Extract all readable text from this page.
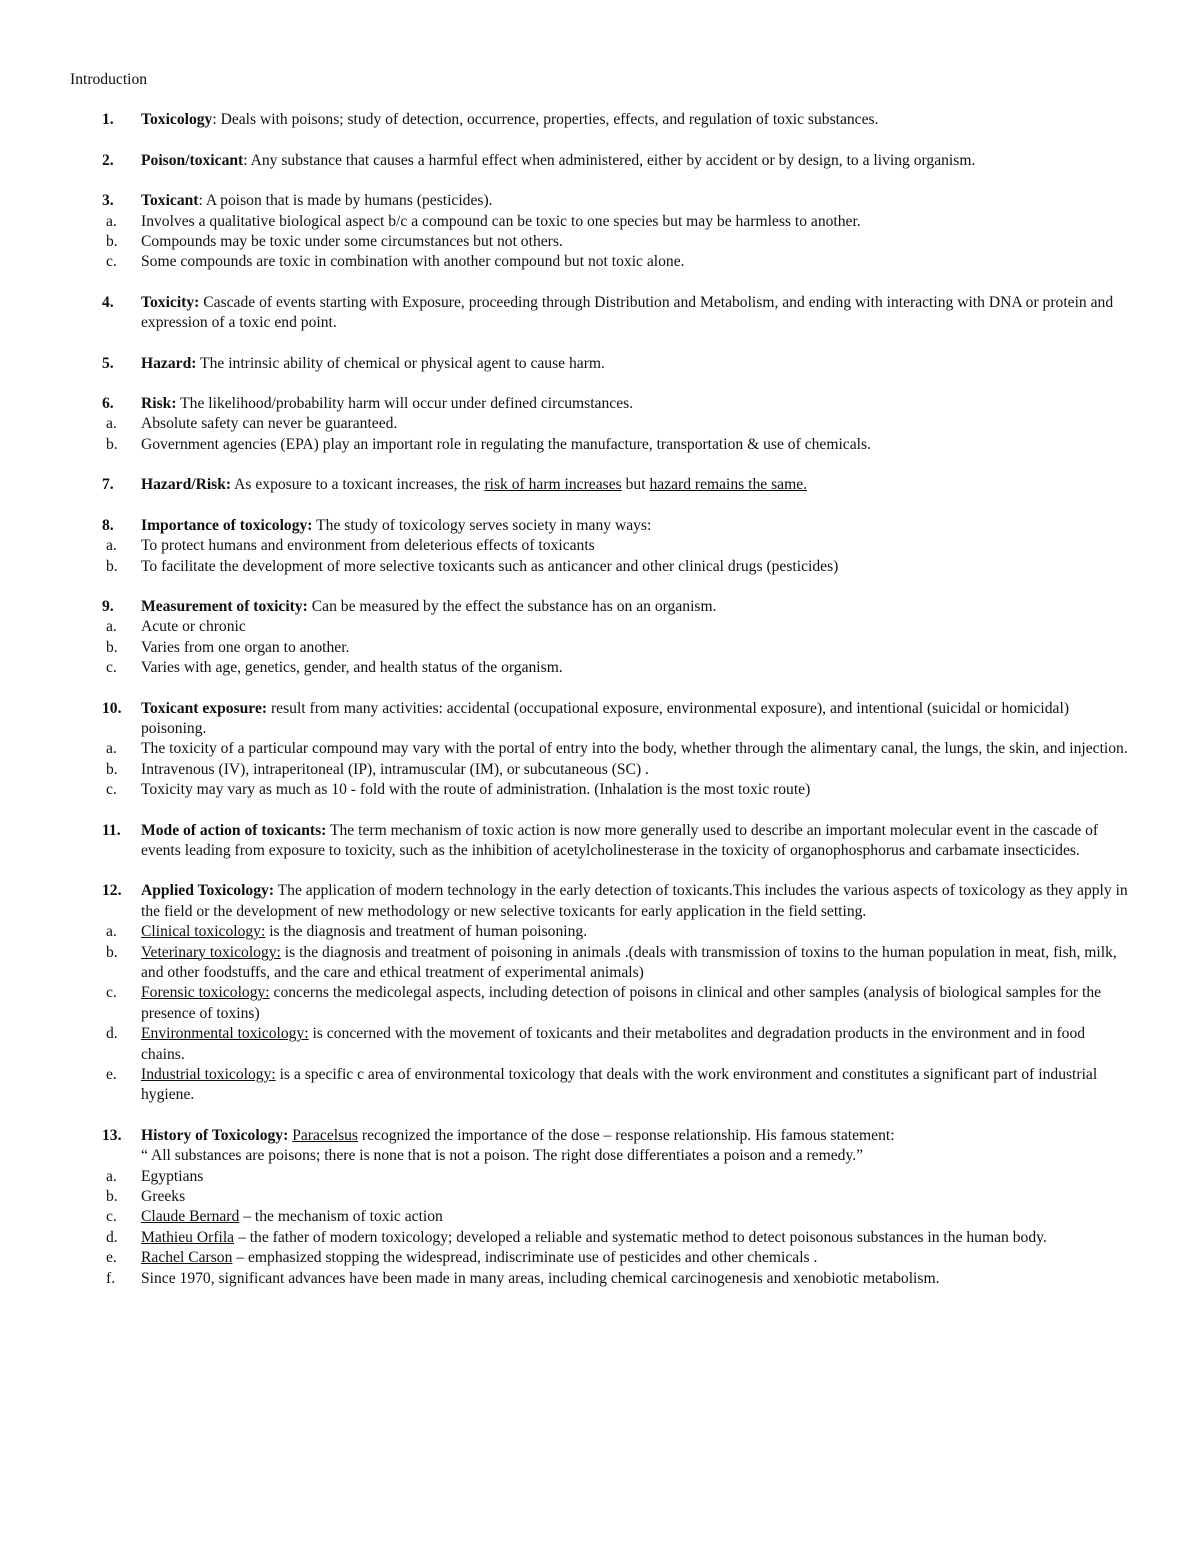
Introduction
1. Toxicology: Deals with poisons; study of detection, occurrence, properties, effects, and regulation of toxic substances.
2. Poison/toxicant: Any substance that causes a harmful effect when administered, either by accident or by design, to a living organism.
3. Toxicant: A poison that is made by humans (pesticides).
a. Involves a qualitative biological aspect b/c a compound can be toxic to one species but may be harmless to another.
b. Compounds may be toxic under some circumstances but not others.
c. Some compounds are toxic in combination with another compound but not toxic alone.
4. Toxicity: Cascade of events starting with Exposure, proceeding through Distribution and Metabolism, and ending with interacting with DNA or protein and expression of a toxic end point.
5. Hazard: The intrinsic ability of chemical or physical agent to cause harm.
6. Risk: The likelihood/probability harm will occur under defined circumstances.
a. Absolute safety can never be guaranteed.
b. Government agencies (EPA) play an important role in regulating the manufacture, transportation & use of chemicals.
7. Hazard/Risk: As exposure to a toxicant increases, the risk of harm increases but hazard remains the same.
8. Importance of toxicology: The study of toxicology serves society in many ways:
a. To protect humans and environment from deleterious effects of toxicants
b. To facilitate the development of more selective toxicants such as anticancer and other clinical drugs (pesticides)
9. Measurement of toxicity: Can be measured by the effect the substance has on an organism.
a. Acute or chronic
b. Varies from one organ to another.
c. Varies with age, genetics, gender, and health status of the organism.
10. Toxicant exposure: result from many activities: accidental (occupational exposure, environmental exposure), and intentional (suicidal or homicidal) poisoning.
a. The toxicity of a particular compound may vary with the portal of entry into the body, whether through the alimentary canal, the lungs, the skin, and injection.
b. Intravenous (IV), intraperitoneal (IP), intramuscular (IM), or subcutaneous (SC) .
c. Toxicity may vary as much as 10 - fold with the route of administration. (Inhalation is the most toxic route)
11. Mode of action of toxicants: The term mechanism of toxic action is now more generally used to describe an important molecular event in the cascade of events leading from exposure to toxicity, such as the inhibition of acetylcholinesterase in the toxicity of organophosphorus and carbamate insecticides.
12. Applied Toxicology: The application of modern technology in the early detection of toxicants.This includes the various aspects of toxicology as they apply in the field or the development of new methodology or new selective toxicants for early application in the field setting.
a. Clinical toxicology: is the diagnosis and treatment of human poisoning.
b. Veterinary toxicology: is the diagnosis and treatment of poisoning in animals .(deals with transmission of toxins to the human population in meat, fish, milk, and other foodstuffs, and the care and ethical treatment of experimental animals)
c. Forensic toxicology: concerns the medicolegal aspects, including detection of poisons in clinical and other samples (analysis of biological samples for the presence of toxins)
d. Environmental toxicology: is concerned with the movement of toxicants and their metabolites and degradation products in the environment and in food chains.
e. Industrial toxicology: is a specific c area of environmental toxicology that deals with the work environment and constitutes a significant part of industrial hygiene.
13. History of Toxicology: Paracelsus recognized the importance of the dose – response relationship. His famous statement:
“ All substances are poisons; there is none that is not a poison. The right dose differentiates a poison and a remedy.”
a. Egyptians
b. Greeks
c. Claude Bernard – the mechanism of toxic action
d. Mathieu Orfila – the father of modern toxicology; developed a reliable and systematic method to detect poisonous substances in the human body.
e. Rachel Carson – emphasized stopping the widespread, indiscriminate use of pesticides and other chemicals .
f. Since 1970, significant advances have been made in many areas, including chemical carcinogenesis and xenobiotic metabolism.
